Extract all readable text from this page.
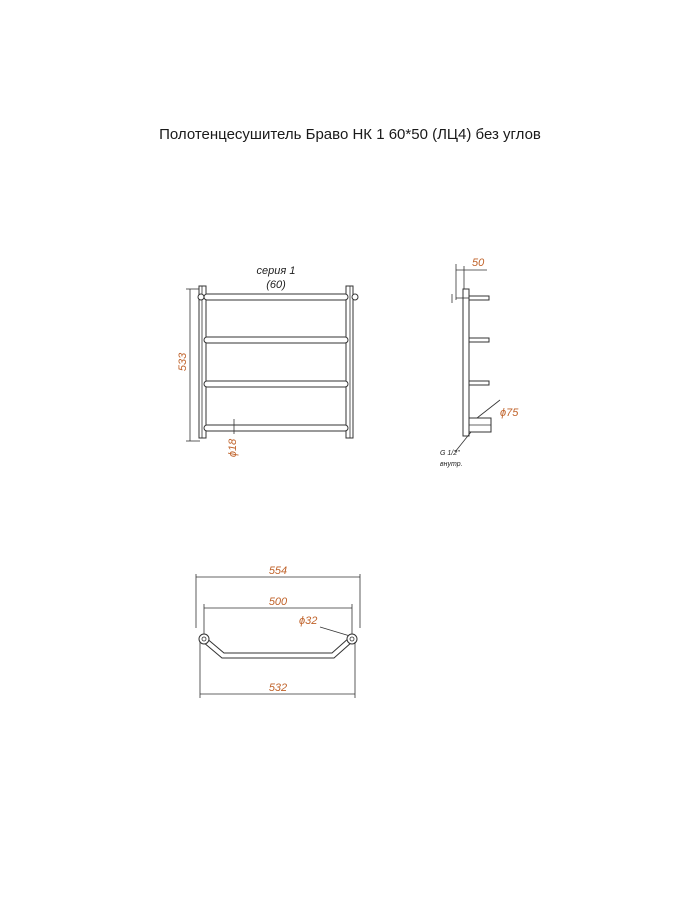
Полотенцесушитель Браво НК 1 60*50 (ЛЦ4) без углов
533
серия 1
(60)
ϕ18
50
ϕ75
G 1/2"
внутр.
554
500
ϕ32
532
